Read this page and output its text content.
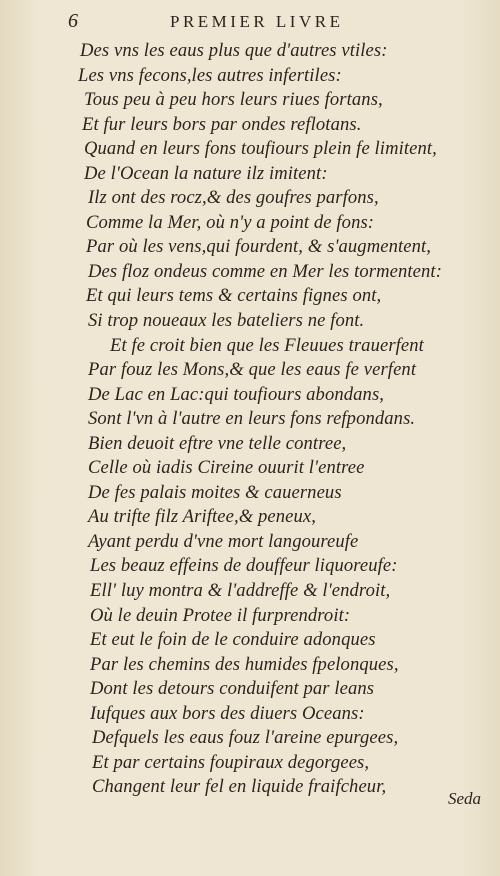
6	PREMIER LIVRE
Des vns les eaus plus que d'autres vtiles:
Les vns fecons,les autres infertiles:
Tous peu à peu hors leurs riues fortans,
Et fur leurs bors par ondes reflotans.
Quand en leurs fons toufiours plein fe limitent,
De l'Ocean la nature ilz imitent:
Ilz ont des rocz,& des goufres parfons,
Comme la Mer, où n'y a point de fons:
Par où les vens,qui fourdent, & s'augmentent,
Des floz ondeus comme en Mer les tormentent:
Et qui leurs tems & certains fignes ont,
Si trop noueaux les bateliers ne font.
Et fe croit bien que les Fleuues trauerfent
Par fouz les Mons,& que les eaus fe verfent
De Lac en Lac:qui toufiours abondans,
Sont l'vn à l'autre en leurs fons refpondans.
Bien deuoit eftre vne telle contree,
Celle où iadis Cireine ouurit l'entree
De fes palais moites & cauerneus
Au trifte filz Ariftee,& peneux,
Ayant perdu d'vne mort langoureufe
Les beauz effeins de douffeur liquoreufe:
Ell' luy montra & l'addreffe & l'endroit,
Où le deuin Protee il furprendroit:
Et eut le foin de le conduire adonques
Par les chemins des humides fpelonques,
Dont les detours conduifent par leans
Iufques aux bors des diuers Oceans:
Defquels les eaus fouz l'areine epurgees,
Et par certains foupiraux degorgees,
Changent leur fel en liquide fraifcheur,
Seda
